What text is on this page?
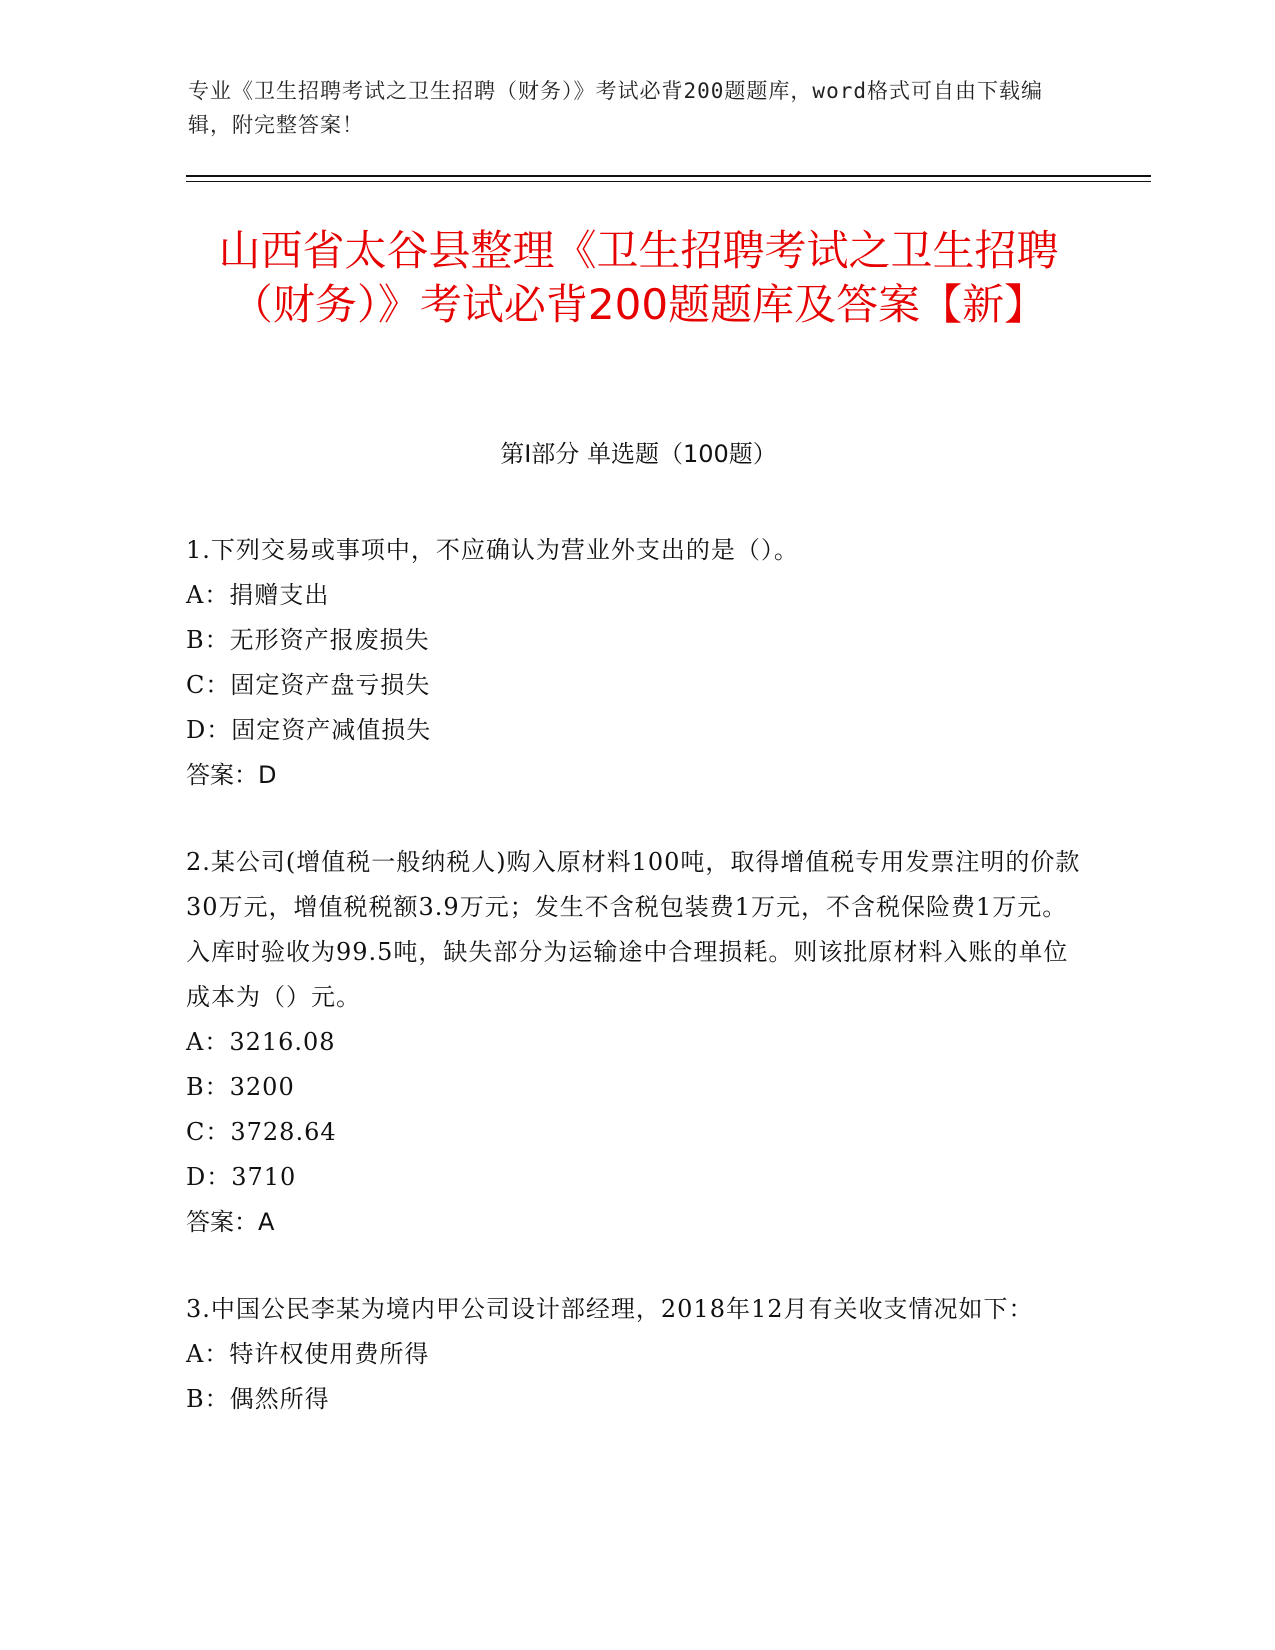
专业《卫生招聘考试之卫生招聘（财务）》考试必背200题题库，word格式可自由下载编辑，附完整答案！
山西省太谷县整理《卫生招聘考试之卫生招聘（财务）》考试必背200题题库及答案【新】
第Ⅰ部分 单选题（100题）

1.下列交易或事项中，不应确认为营业外支出的是（）。

A：捐赠支出

B：无形资产报废损失

C：固定资产盘亏损失

D：固定资产减值损失

答案：D

2.某公司(增值税一般纳税人)购入原材料100吨，取得增值税专用发票注明的价款30万元，增值税税额3.9万元；发生不含税包装费1万元，不含税保险费1万元。入库时验收为99.5吨，缺失部分为运输途中合理损耗。则该批原材料入账的单位成本为（）元。

A：3216.08

B：3200

C：3728.64

D：3710

答案：A

3.中国公民李某为境内甲公司设计部经理，2018年12月有关收支情况如下：

A：特许权使用费所得

B：偶然所得
